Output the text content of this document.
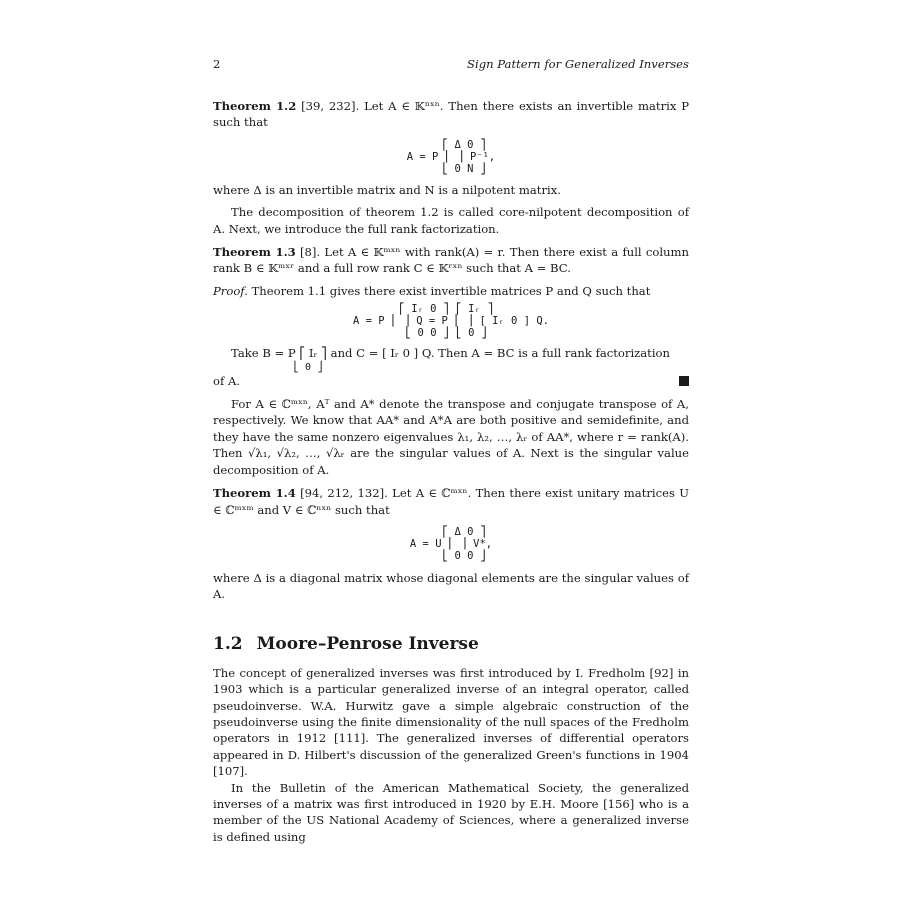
2	Sign Pattern for Generalized Inverses

Theorem 1.2 [39, 232]. Let A ∈ 𝕂ⁿˣⁿ. Then there exists an invertible matrix P such that

⎡ Δ 0 ⎤
A = P ⎢ ⎥ P⁻¹,
⎣ 0 N ⎦

where Δ is an invertible matrix and N is a nilpotent matrix.

The decomposition of theorem 1.2 is called core-nilpotent decomposition of A. Next, we introduce the full rank factorization.

Theorem 1.3 [8]. Let A ∈ 𝕂ᵐˣⁿ with rank(A) = r. Then there exist a full column rank B ∈ 𝕂ᵐˣʳ and a full row rank C ∈ 𝕂ʳˣⁿ such that A = BC.

Proof. Theorem 1.1 gives there exist invertible matrices P and Q such that

⎡ Iᵣ 0 ⎤ ⎡ Iᵣ ⎤
A = P ⎢ ⎥ Q = P ⎢ ⎥ [ Iᵣ 0 ] Q.
⎣ 0 0 ⎦ ⎣ 0 ⎦

Take B = P ⎡ Iᵣ ⎤ and C = [ Iᵣ 0 ] Q. Then A = BC is a full rank factorization

⎣ 0 ⎦

of A.

For A ∈ ℂᵐˣⁿ, Aᵀ and A* denote the transpose and conjugate transpose of A, respectively. We know that AA* and A*A are both positive and semidefinite, and they have the same nonzero eigenvalues λ₁, λ₂, …, λᵣ of AA*, where r = rank(A). Then √λ₁, √λ₂, …, √λᵣ are the singular values of A. Next is the singular value decomposition of A.

Theorem 1.4 [94, 212, 132]. Let A ∈ ℂᵐˣⁿ. Then there exist unitary matrices U ∈ ℂᵐˣᵐ and V ∈ ℂⁿˣⁿ such that

⎡ Δ 0 ⎤
A = U ⎢ ⎥ V*,
⎣ 0 0 ⎦

where Δ is a diagonal matrix whose diagonal elements are the singular values of A.

1.2 Moore–Penrose Inverse

The concept of generalized inverses was first introduced by I. Fredholm [92] in 1903 which is a particular generalized inverse of an integral operator, called pseudoinverse. W.A. Hurwitz gave a simple algebraic construction of the pseudoinverse using the finite dimensionality of the null spaces of the Fredholm operators in 1912 [111]. The generalized inverses of differential operators appeared in D. Hilbert's discussion of the generalized Green's functions in 1904 [107].

In the Bulletin of the American Mathematical Society, the generalized inverses of a matrix was first introduced in 1920 by E.H. Moore [156] who is a member of the US National Academy of Sciences, where a generalized inverse is defined using
